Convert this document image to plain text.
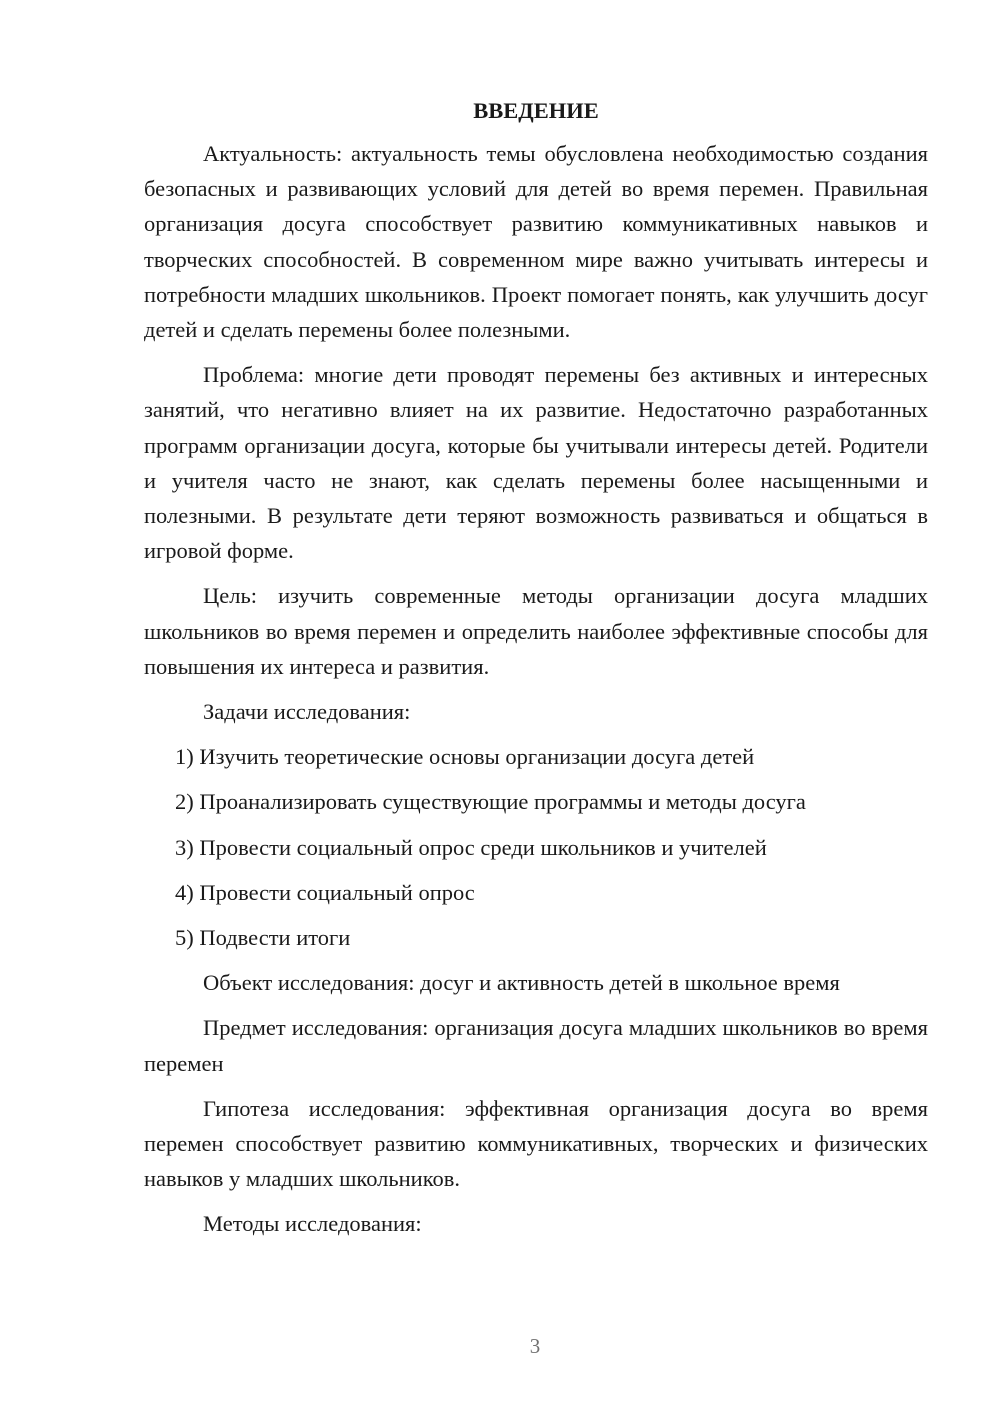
ВВЕДЕНИЕ
Актуальность: актуальность темы обусловлена необходимостью создания безопасных и развивающих условий для детей во время перемен. Правильная организация досуга способствует развитию коммуникативных навыков и творческих способностей. В современном мире важно учитывать интересы и потребности младших школьников. Проект помогает понять, как улучшить досуг детей и сделать перемены более полезными.
Проблема: многие дети проводят перемены без активных и интересных занятий, что негативно влияет на их развитие. Недостаточно разработанных программ организации досуга, которые бы учитывали интересы детей. Родители и учителя часто не знают, как сделать перемены более насыщенными и полезными. В результате дети теряют возможность развиваться и общаться в игровой форме.
Цель: изучить современные методы организации досуга младших школьников во время перемен и определить наиболее эффективные способы для повышения их интереса и развития.
Задачи исследования:
1) Изучить теоретические основы организации досуга детей
2) Проанализировать существующие программы и методы досуга
3) Провести социальный опрос среди школьников и учителей
4) Провести социальный опрос
5) Подвести итоги
Объект исследования: досуг и активность детей в школьное время
Предмет исследования: организация досуга младших школьников во время перемен
Гипотеза исследования: эффективная организация досуга во время перемен способствует развитию коммуникативных, творческих и физических навыков у младших школьников.
Методы исследования:
3
